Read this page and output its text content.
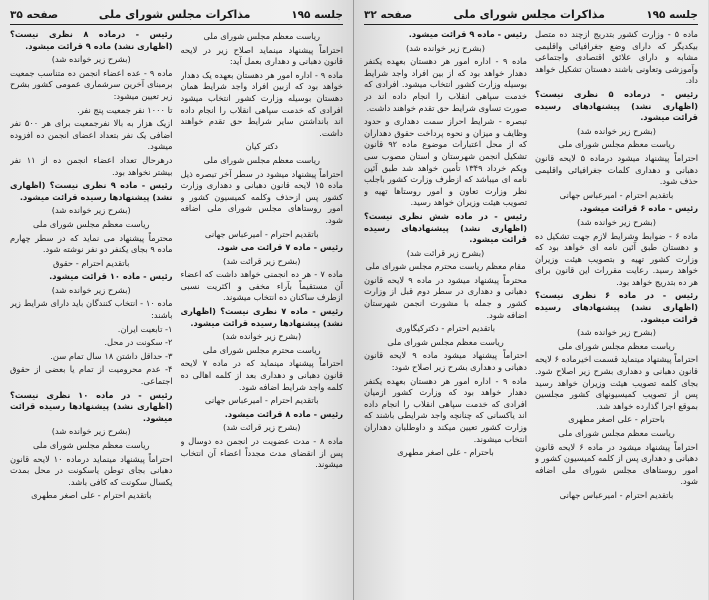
جلسه ۱۹۵
مذاکرات مجلس شورای ملی
صفحه ۳۵

ریاست معظم مجلس شورای ملی

احتراماً پیشنهاد مینماید اصلاح زیر در لایحه قانون دهبانی و دهداری بعمل آید:

ماده ۹ - اداره امور هر دهستان بعهده یک دهدار خواهد بود که ازبین افراد واجد شرایط همان دهستان بوسیله وزارت کشور انتخاب میشود افرادی که خدمت سپاهی انقلاب را انجام داده اند بانداشتن سایر شرایط حق تقدم خواهند داشت.

دکتر کیان

ریاست معظم مجلس شورای ملی

احتراماً پیشنهاد میشود در سطر آخر تبصره ذیل ماده ۱۵ لایحه قانون دهبانی و دهداری وزارت کشور پس ازحذف وکلمه کمیسیون کشور و امور روستاهای مجلس شورای ملی اضافه شود.

باتقدیم احترام - امیرعباس جهانی

رئیس - ماده ۷ قرائت می شود.

(بشرح زیر قرائت شد)

ماده ۷ - هر ده انجمنی خواهد داشت که اعضاء آن مستقیماً بآراء مخفی و اکثریت نسبی ازطرف ساکنان ده انتخاب میشوند.

رئیس - ماده ۷ نظری نیست؟ (اظهاری نشد) پیشنهادها رسیده قرائت میشود.

(بشرح زیر خوانده شد)

ریاست محترم مجلس شورای ملی

احتراماً پیشنهاد مینماید که در ماده ۷ لایحه قانون دهبانی و دهداری بعد از کلمه اهالی ده کلمه واجد شرایط اضافه شود.

باتقدیم احترام - امیرعباس جهانی

رئیس - ماده ۸ قرائت میشود.

(بشرح زیر قرائت شد)

ماده ۸ - مدت عضویت در انجمن ده دوسال و پس از انقضای مدت مجدداً اعضاء آن انتخاب میشوند.

رئیس - درماده ۸ نظری نیست؟ (اظهاری نشد) ماده ۹ قرائت میشود.

(بشرح زیر خوانده شد)

ماده ۹ - عده اعضاء انجمن ده متناسب جمعیت برمبنای آخرین سرشماری عمومی کشور بشرح زیر تعیین میشود:

تا ۱۰۰۰ نفر جمعیت پنج نفر.

ازیک هزار به بالا نفرجمعیت برای هر ۵۰۰ نفر اضافی یک نفر بتعداد اعضای انجمن ده افزوده میشود.

درهرحال تعداد اعضاء انجمن ده از ۱۱ نفر بیشتر نخواهد بود.

رئیس - ماده ۹ نظری نیست؟ (اظهاری نشد) پیشنهادها رسیده قرائت میشود.

(بشرح زیر خوانده شد)

ریاست معظم مجلس شورای ملی

محترماً پیشنهاد می نماید که در سطر چهارم ماده ۹ بجای یکنفر دو نفر نوشته شود.

باتقدیم احترام - حقوق

رئیس - ماده ۱۰ قرائت میشود.

(بشرح زیر خوانده شد)

ماده ۱۰ - انتخاب کنندگان باید دارای شرایط زیر باشند:

۱- تابعیت ایران.

۲- سکونت در محل.

۳- حداقل داشتن ۱۸ سال تمام سن.

۴- عدم محرومیت از تمام یا بعضی از حقوق اجتماعی.

رئیس - در ماده ۱۰ نظری نیست؟ (اظهاری نشد) پیشنهادها رسیده قرائت میشود.

(بشرح زیر خوانده شد)

ریاست معظم مجلس شورای ملی

احتراماً پیشنهاد مینماید درماده ۱۰ لایحه قانون دهبانی بجای توطن یاسکونت در محل بمدت یکسال سکونت که کافی باشد.

باتقدیم احترام - علی اصغر مطهری

جلسه ۱۹۵
مذاکرات مجلس شورای ملی
صفحه ۳۲

ماده ۵ - وزارت کشور بتدریج ازچند ده متصل بیکدیگر که دارای وضع جغرافیائی واقلیمی مشابه و دارای علائق اقتصادی واجتماعی وآموزشی وتعاونی باشند دهستان تشکیل خواهد داد.

رئیس - درماده ۵ نظری نیست؟ (اظهاری نشد) پیشنهادهای رسیده قرائت میشود.

(بشرح زیر خوانده شد)

ریاست معظم مجلس شورای ملی

احتراماً پیشنهاد میشود درماده ۵ لایحه قانون دهبانی و دهداری کلمات جغرافیائی واقلیمی حذف شود.

باتقدیم احترام - امیرعباس جهانی

رئیس - ماده ۶ قرائت میشود.

(بشرح زیر خوانده شد)

ماده ۶ - ضوابط وشرایط لازم جهت تشکیل ده و دهستان طبق آئین نامه ای خواهد بود که وزارت کشور تهیه و بتصویب هیئت وزیران خواهد رسید. رعایت مقررات این قانون برای هر ده بتدریج خواهد بود.

رئیس - در ماده ۶ نظری نیست؟ (اظهاری نشد) پیشنهادهای رسیده قرائت میشود.

(بشرح زیر خوانده شد)

ریاست معظم مجلس شورای ملی

احتراماً پیشنهاد مینماید قسمت اخیرماده ۶ لایحه قانون دهبانی و دهداری بشرح زیر اصلاح شود. بجای کلمه تصویب هیئت وزیران خواهد رسید پس از تصویب کمیسیونهای کشور مجلسین بموقع اجرا گذارده خواهد شد.

باحترام - علی اصغر مطهری

ریاست معظم مجلس شورای ملی

احتراماً پیشنهاد میشود در ماده ۶ لایحه قانون دهبانی و دهداری پس از کلمه کمیسیون کشور و امور روستاهای مجلس شورای ملی اضافه شود.

باتقدیم احترام - امیرعباس جهانی

رئیس - ماده ۹ قرائت میشود.

(بشرح زیر خوانده شد)

ماده ۹ - اداره امور هر دهستان بعهده یکنفر دهدار خواهد بود که از بین افراد واجد شرایط بوسیله وزارت کشور انتخاب میشود. افرادی که خدمت سپاهی انقلاب را انجام داده اند در صورت تساوی شرایط حق تقدم خواهند داشت.

تبصره - شرایط احراز سمت دهداری و حدود وظایف و میزان و نحوه پرداخت حقوق دهداران که از محل اعتبارات موضوع ماده ۹۲ قانون تشکیل انجمن شهرستان و استان مصوب سی ویکم خرداد ۱۳۴۹ تأمین خواهد شد طبق آئین نامه ای میباشد که ازطرف وزارت کشور باجلب نظر وزارت تعاون و امور روستاها تهیه و تصویب هیئت وزیران خواهد رسید.

رئیس - در ماده شش نظری نیست؟ (اظهاری نشد) پیشنهادهای رسیده قرائت میشود.

(بشرح زیر قرائت شد)

مقام معظم ریاست محترم مجلس شورای ملی

محترماً پیشنهاد میشود در ماده ۹ لایحه قانون دهبانی و دهداری در سطر دوم قبل از وزارت کشور و جمله با مشورت انجمن شهرستان اضافه شود.

باتقدیم احترام - دکترکیگاوری

ریاست معظم مجلس شورای ملی

احتراماً پیشنهاد میشود ماده ۹ لایحه قانون دهبانی و دهداری بشرح زیر اصلاح شود:

ماده ۹ - اداره امور هر دهستان بعهده یکنفر دهدار خواهد بود که وزارت کشور ازمیان افرادی که خدمت سپاهی انقلاب را انجام داده اند یاکسانی که چنانچه واجد شرایطی باشند که وزارت کشور تعیین میکند و داوطلبان دهداران انتخاب میشوند.

باحترام - علی اصغر مطهری
